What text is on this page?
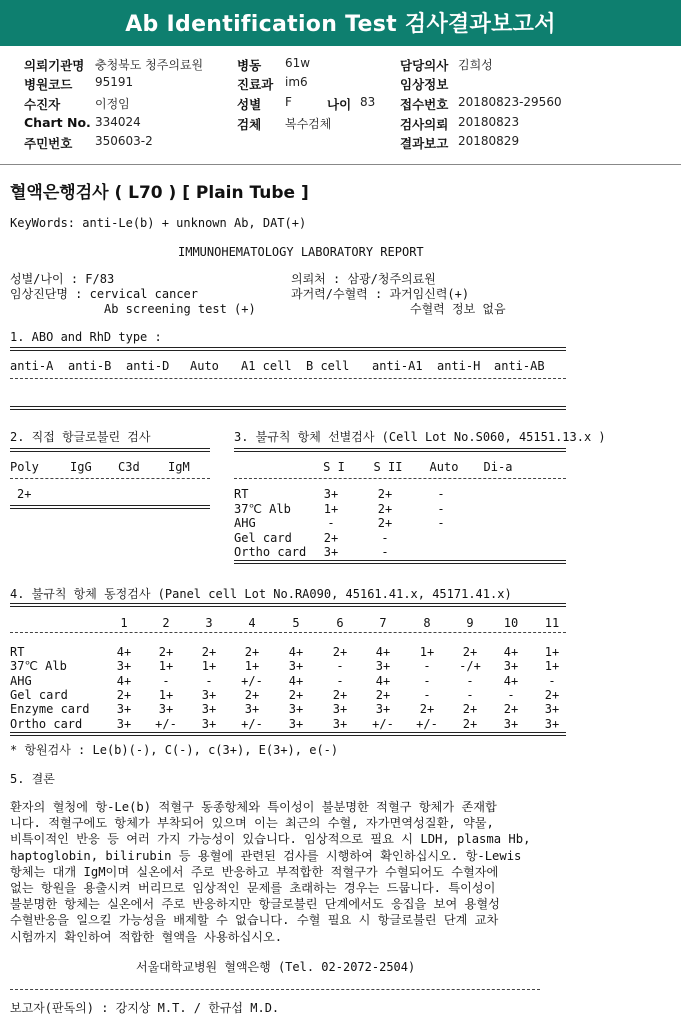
Ab Identification Test 검사결과보고서
의뢰기관명 충청북도 청주의료원
병원코드 95191
수진자	이정임
Chart No. 334024
주민번호 350603-2
병동 61w
진료과 im6
성별 F	나이 83
검체 복수검체
담당의사 김희성
임상정보
접수번호 20180823-29560
검사의뢰 20180823
결과보고 20180829
혈액은행검사 ( L70 ) [ Plain Tube ]
KeyWords: anti-Le(b) + unknown Ab, DAT(+)
IMMUNOHEMATOLOGY LABORATORY REPORT
성별/나이 : F/83
임상진단명 : cervical cancer
Ab screening test (+)
의뢰처 : 삼광/청주의료원
과거력/수혈력 : 과거임신력(+)
수혈력 정보 없음
1. ABO and RhD type :
2. 직접 항글로불린 검사
2+
3. 불규칙 항체 선별검사 (Cell Lot No.S060, 45151.13.x )
4. 불규칙 항체 동정검사 (Panel cell Lot No.RA090, 45161.41.x, 45171.41.x)
* 항원검사 : Le(b)(-), C(-), c(3+), E(3+), e(-)
5. 결론
환자의 혈청에 항-Le(b) 적혈구 동종항체와 특이성이 불분명한 적혈구 항체가 존재합
니다. 적혈구에도 항체가 부착되어 있으며 이는 최근의 수혈, 자가면역성질환, 약물,
비특이적인 반응 등 여러 가지 가능성이 있습니다. 임상적으로 필요 시 LDH, plasma Hb,
haptoglobin, bilirubin 등 용혈에 관련된 검사를 시행하여 확인하십시오. 항-Lewis
항체는 대개 IgM이며 실온에서 주로 반응하고 부적합한 적혈구가 수혈되어도 수혈자에
없는 항원을 용출시켜 버리므로 임상적인 문제를 초래하는 경우는 드뭅니다. 특이성이
불분명한 항체는 실온에서 주로 반응하지만 항글로불린 단계에서도 응집을 보여 용혈성
수혈반응을 일으킬 가능성을 배제할 수 없습니다. 수혈 필요 시 항글로불린 단계 교차
시험까지 확인하여 적합한 혈액을 사용하십시오.
서울대학교병원 혈액은행 (Tel. 02-2072-2504)
보고자(판독의) : 강지상 M.T. / 한규섭 M.D.
anti-A anti-B anti-D Auto A1 cell B cell anti-A1 anti-H anti-AB
Poly	IgG C3d IgM	S I	S II	Auto	Di-a
RT	3+	2+	-
37℃ Alb	1+	2+	-
AHG	-	2+	-
Gel card	2+	-
Ortho card	3+	-
1	2	3	4	5	6	7	8	9	10	11
RT	4+	2+	2+	2+	4+	2+	4+	1+	2+	4+	1+
37℃ Alb	3+	1+	1+	1+	3+	-	3+	-	-/+	3+	1+
AHG	4+	-	-	+/-	4+	-	4+	-	-	4+	-
Gel card	2+	1+	3+	2+	2+	2+	2+	-	-	-	2+
Enzyme card	3+	3+	3+	3+	3+	3+	3+	2+	2+	2+	3+
Ortho card	3+	+/-	3+	+/-	3+	3+	+/- +/-	2+	3+	3+
